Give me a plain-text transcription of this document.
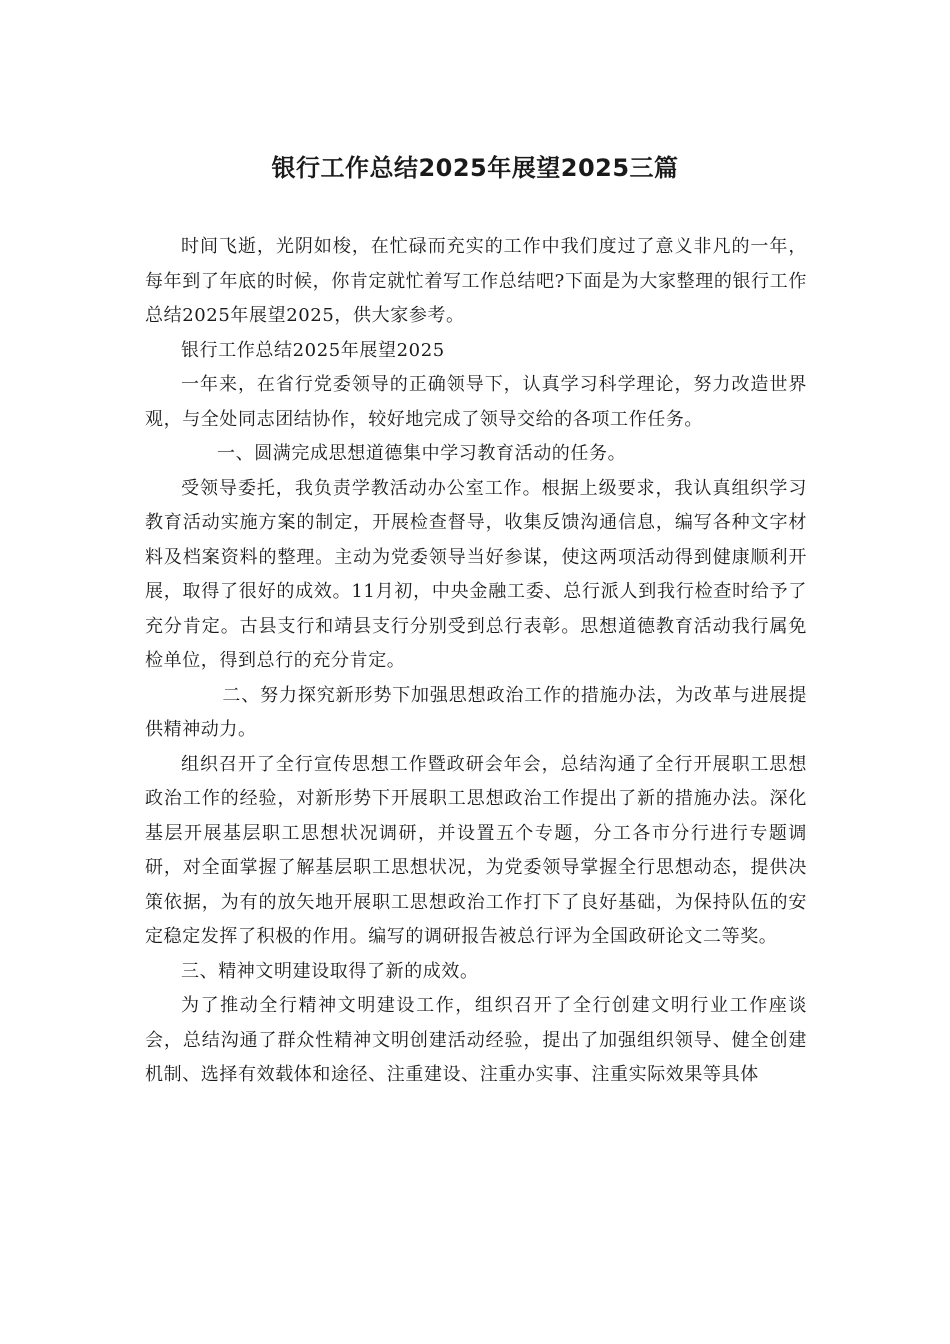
银行工作总结2025年展望2025三篇

时间飞逝，光阴如梭，在忙碌而充实的工作中我们度过了意义非凡的一年，每年到了年底的时候，你肯定就忙着写工作总结吧?下面是为大家整理的银行工作总结2025年展望2025，供大家参考。

银行工作总结2025年展望2025

一年来，在省行党委领导的正确领导下，认真学习科学理论，努力改造世界观，与全处同志团结协作，较好地完成了领导交给的各项工作任务。

一、圆满完成思想道德集中学习教育活动的任务。

受领导委托，我负责学教活动办公室工作。根据上级要求，我认真组织学习教育活动实施方案的制定，开展检查督导，收集反馈沟通信息，编写各种文字材料及档案资料的整理。主动为党委领导当好参谋，使这两项活动得到健康顺利开展，取得了很好的成效。11月初，中央金融工委、总行派人到我行检查时给予了充分肯定。古县支行和靖县支行分别受到总行表彰。思想道德教育活动我行属免检单位，得到总行的充分肯定。

二、努力探究新形势下加强思想政治工作的措施办法，为改革与进展提供精神动力。

组织召开了全行宣传思想工作暨政研会年会，总结沟通了全行开展职工思想政治工作的经验，对新形势下开展职工思想政治工作提出了新的措施办法。深化基层开展基层职工思想状况调研，并设置五个专题，分工各市分行进行专题调研，对全面掌握了解基层职工思想状况，为党委领导掌握全行思想动态，提供决策依据，为有的放矢地开展职工思想政治工作打下了良好基础，为保持队伍的安定稳定发挥了积极的作用。编写的调研报告被总行评为全国政研论文二等奖。

三、精神文明建设取得了新的成效。

为了推动全行精神文明建设工作，组织召开了全行创建文明行业工作座谈会，总结沟通了群众性精神文明创建活动经验，提出了加强组织领导、健全创建机制、选择有效载体和途径、注重建设、注重办实事、注重实际效果等具体
